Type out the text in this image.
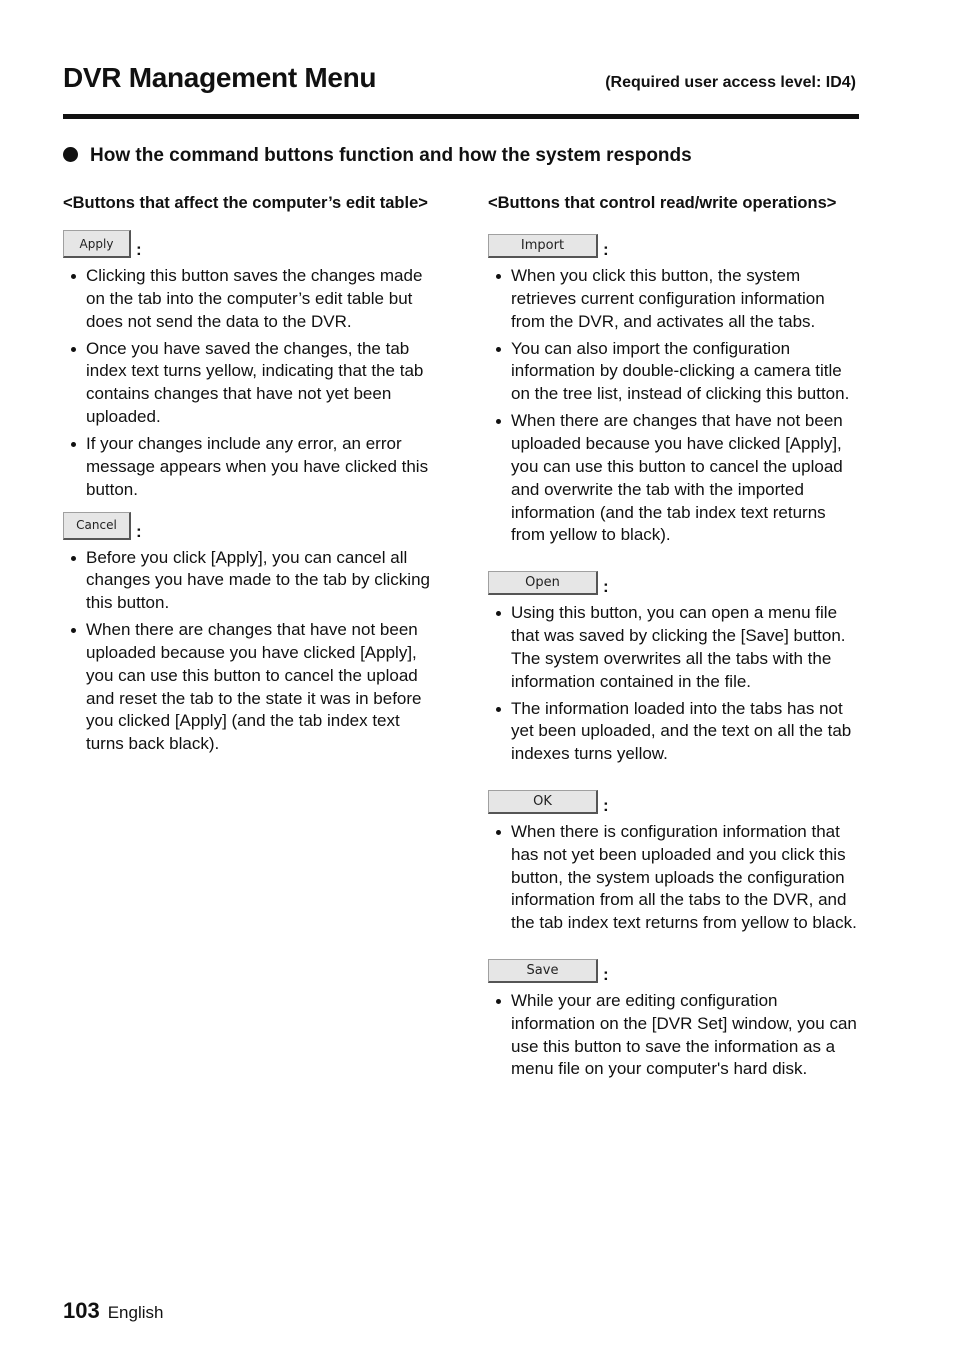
DVR Management Menu	(Required user access level: ID4)
How the command buttons function and how the system responds

<Buttons that affect the computer’s edit table>

Apply	:
Clicking this button saves the changes made on the tab into the computer’s edit table but does not send the data to the DVR.
Once you have saved the changes, the tab index text turns yellow, indicating that the tab contains changes that have not yet been uploaded.
If your changes include any error, an error message appears when you have clicked this button.
Cancel	:
Before you click [Apply], you can cancel all changes you have made to the tab by clicking this button.
When there are changes that have not been uploaded because you have clicked [Apply], you can use this button to cancel the upload and reset the tab to the state it was in before you clicked [Apply] (and the tab index text turns back black).

<Buttons that control read/write operations>

Import	:
When you click this button, the system retrieves current configuration information from the DVR, and activates all the tabs.
You can also import the configuration information by double-clicking a camera title on the tree list, instead of clicking this button.
When there are changes that have not been uploaded because you have clicked [Apply], you can use this button to cancel the upload and overwrite the tab with the imported information (and the tab index text returns from yellow to black).
Open	:
Using this button, you can open a menu file that was saved by clicking the [Save] button. The system overwrites all the tabs with the information contained in the file.
The information loaded into the tabs has not yet been uploaded, and the text on all the tab indexes turns yellow.
OK	:
When there is configuration information that has not yet been uploaded and you click this button, the system uploads the configuration information from all the tabs to the DVR, and the tab index text returns from yellow to black.
Save	:
While your are editing configuration information on the [DVR Set] window, you can use this button to save the information as a menu file on your computer's hard disk.
103 English
